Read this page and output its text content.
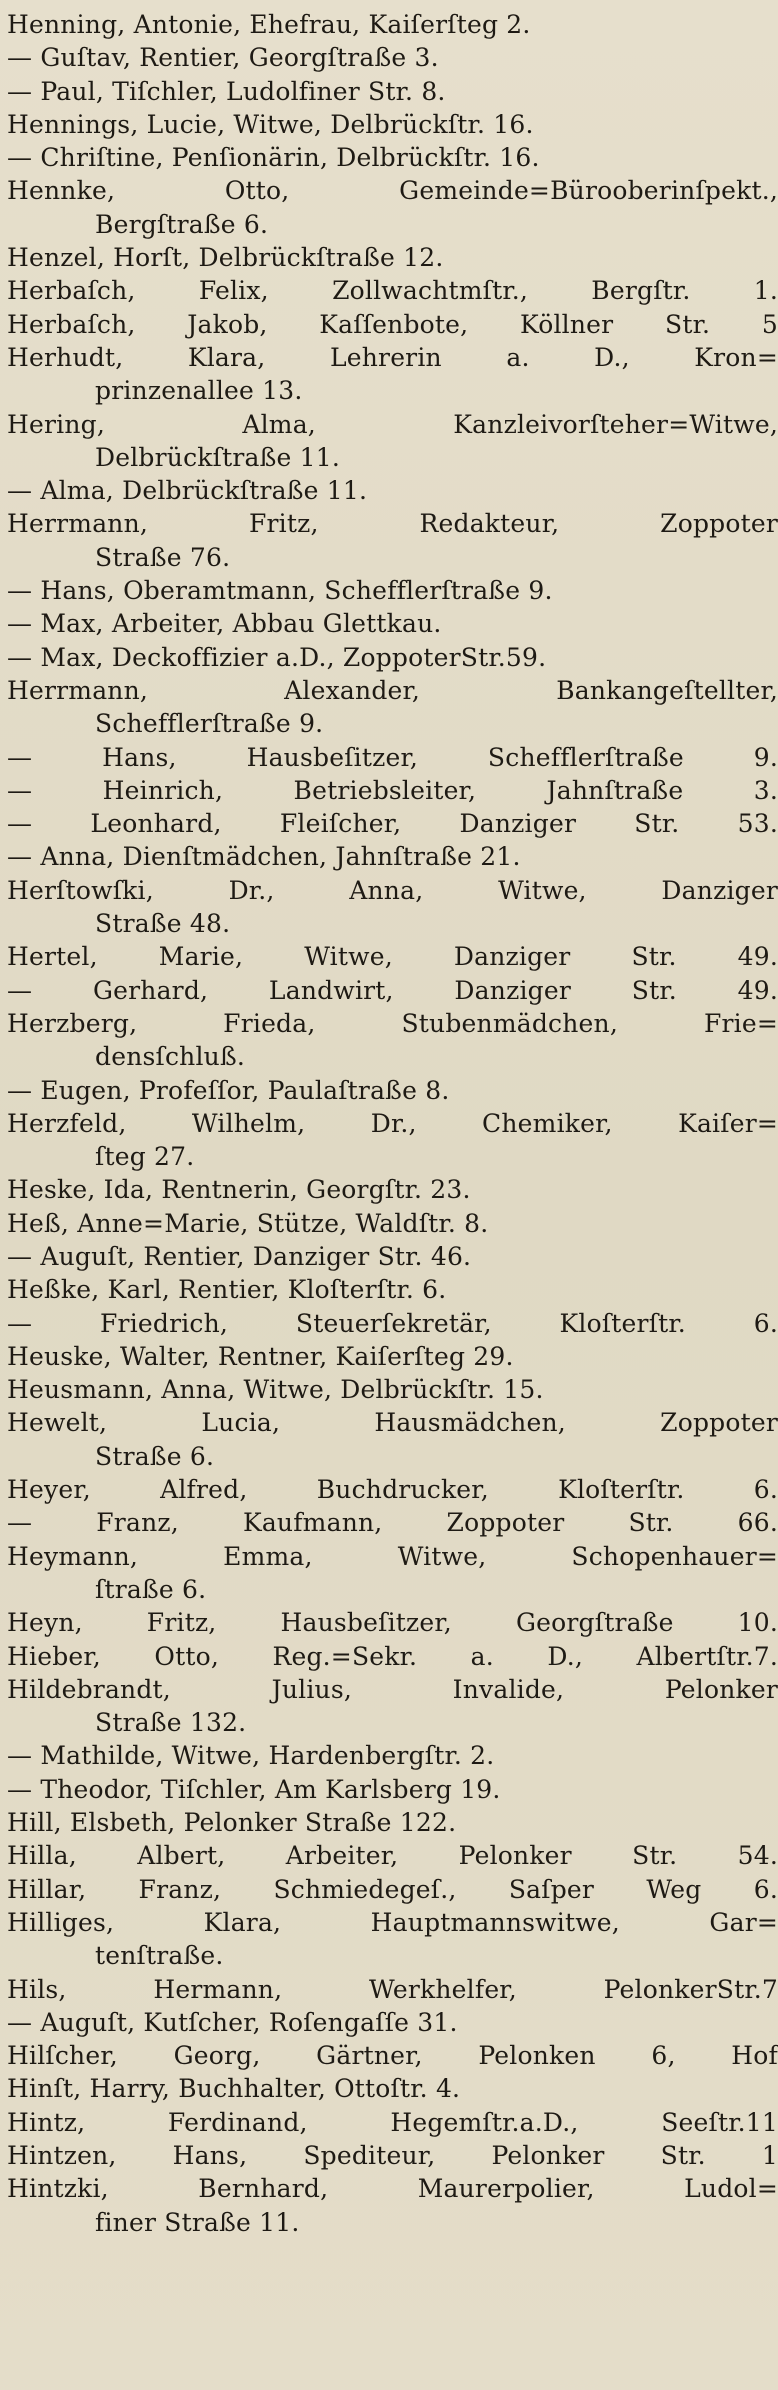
Henning, Antonie, Ehefrau, Kaiſerſteg 2.
— Guſtav, Rentier, Georgſtraße 3.
— Paul, Tiſchler, Ludolfiner Str. 8.
Hennings, Lucie, Witwe, Delbrückſtr. 16.
— Chriſtine, Penſionärin, Delbrückſtr. 16.
Hennke, Otto, Gemeinde=Bürooberinſpekt.,
Bergſtraße 6.
Henzel, Horſt, Delbrückſtraße 12.
Herbaſch, Felix, Zollwachtmſtr., Bergſtr. 1.
Herbaſch, Jakob, Kaſſenbote, Köllner Str. 5
Herhudt, Klara, Lehrerin a. D., Kron=
prinzenallee 13.
Hering, Alma, Kanzleivorſteher=Witwe,
Delbrückſtraße 11.
— Alma, Delbrückſtraße 11.
Herrmann, Fritz, Redakteur, Zoppoter
Straße 76.
— Hans, Oberamtmann, Schefflerſtraße 9.
— Max, Arbeiter, Abbau Glettkau.
— Max, Deckoffizier a.D., ZoppoterStr.59.
Herrmann, Alexander, Bankangeſtellter,
Schefflerſtraße 9.
— Hans, Hausbeſitzer, Schefflerſtraße 9.
— Heinrich, Betriebsleiter, Jahnſtraße 3.
— Leonhard, Fleiſcher, Danziger Str. 53.
— Anna, Dienſtmädchen, Jahnſtraße 21.
Herſtowſki, Dr., Anna, Witwe, Danziger
Straße 48.
Hertel, Marie, Witwe, Danziger Str. 49.
— Gerhard, Landwirt, Danziger Str. 49.
Herzberg, Frieda, Stubenmädchen, Frie=
densſchluß.
— Eugen, Profeſſor, Paulaſtraße 8.
Herzfeld, Wilhelm, Dr., Chemiker, Kaiſer=
ſteg 27.
Heske, Ida, Rentnerin, Georgſtr. 23.
Heß, Anne=Marie, Stütze, Waldſtr. 8.
— Auguſt, Rentier, Danziger Str. 46.
Heßke, Karl, Rentier, Kloſterſtr. 6.
— Friedrich, Steuerſekretär, Kloſterſtr. 6.
Heuske, Walter, Rentner, Kaiſerſteg 29.
Heusmann, Anna, Witwe, Delbrückſtr. 15.
Hewelt, Lucia, Hausmädchen, Zoppoter
Straße 6.
Heyer, Alfred, Buchdrucker, Kloſterſtr. 6.
— Franz, Kaufmann, Zoppoter Str. 66.
Heymann, Emma, Witwe, Schopenhauer=
ſtraße 6.
Heyn, Fritz, Hausbeſitzer, Georgſtraße 10.
Hieber, Otto, Reg.=Sekr. a. D., Albertſtr.7.
Hildebrandt, Julius, Invalide, Pelonker
Straße 132.
— Mathilde, Witwe, Hardenbergſtr. 2.
— Theodor, Tiſchler, Am Karlsberg 19.
Hill, Elsbeth, Pelonker Straße 122.
Hilla, Albert, Arbeiter, Pelonker Str. 54.
Hillar, Franz, Schmiedegeſ., Saſper Weg 6.
Hilliges, Klara, Hauptmannswitwe, Gar=
tenſtraße.
Hils, Hermann, Werkhelfer, PelonkerStr.7
— Auguſt, Kutſcher, Roſengaſſe 31.
Hilſcher, Georg, Gärtner, Pelonken 6, Hof
Hinſt, Harry, Buchhalter, Ottoſtr. 4.
Hintz, Ferdinand, Hegemſtr.a.D., Seeſtr.11
Hintzen, Hans, Spediteur, Pelonker Str. 1
Hintzki, Bernhard, Maurerpolier, Ludol=
finer Straße 11.
